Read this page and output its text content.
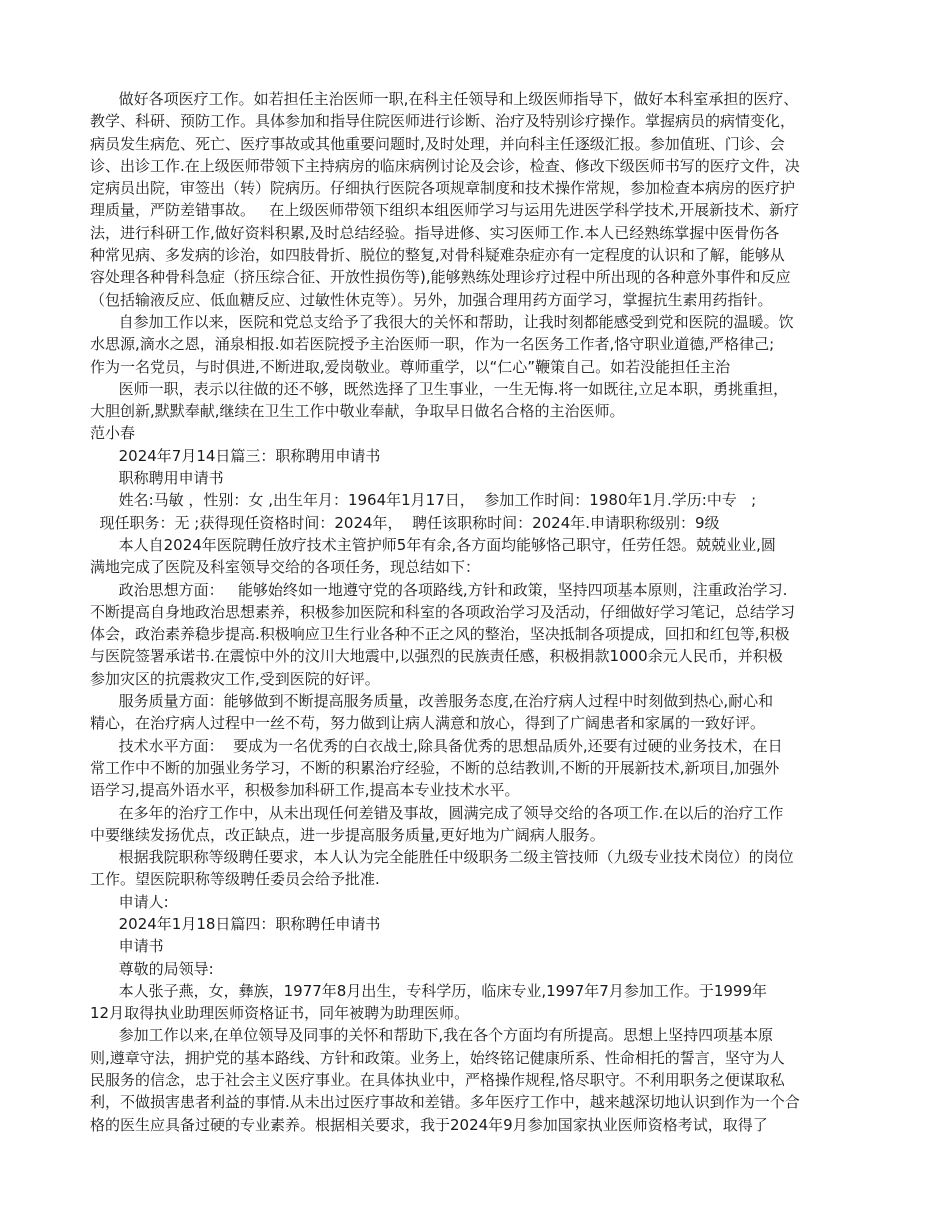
做好各项医疗工作。如若担任主治医师一职,在科主任领导和上级医师指导下，做好本科室承担的医疗、
教学、科研、预防工作。具体参加和指导住院医师进行诊断、治疗及特别诊疗操作。掌握病员的病情变化，
病员发生病危、死亡、医疗事故或其他重要问题时,及时处理，并向科主任逐级汇报。参加值班、门诊、会
诊、出诊工作.在上级医师带领下主持病房的临床病例讨论及会诊，检查、修改下级医师书写的医疗文件，决
定病员出院，审签出（转）院病历。仔细执行医院各项规章制度和技术操作常规，参加检查本病房的医疗护
理质量，严防差错事故。   在上级医师带领下组织本组医师学习与运用先进医学科学技术,开展新技术、新疗
法，进行科研工作,做好资料积累,及时总结经验。指导进修、实习医师工作.本人已经熟练掌握中医骨伤各
种常见病、多发病的诊治，如四肢骨折、脱位的整复,对骨科疑难杂症亦有一定程度的认识和了解，能够从
容处理各种骨科急症（挤压综合征、开放性损伤等),能够熟练处理诊疗过程中所出现的各种意外事件和反应
（包括输液反应、低血糖反应、过敏性休克等）。另外，加强合理用药方面学习，掌握抗生素用药指针。
自参加工作以来，医院和党总支给予了我很大的关怀和帮助，让我时刻都能感受到党和医院的温暖。饮
水思源,滴水之恩，涌泉相报.如若医院授予主治医师一职，作为一名医务工作者,恪守职业道德,严格律己;
作为一名党员，与时俱进,不断进取,爱岗敬业。尊师重学，以“仁心”鞭策自己。如若没能担任主治
医师一职，表示以往做的还不够，既然选择了卫生事业，一生无悔.将一如既往,立足本职，勇挑重担，
大胆创新,默默奉献,继续在卫生工作中敬业奉献，争取早日做名合格的主治医师。
范小春
2024年7月14日篇三：职称聘用申请书
职称聘用申请书
姓名:马敏 ，性别：女 ,出生年月：1964年1月17日，  参加工作时间：1980年1月.学历:中专   ;
现任职务：无 ;获得现任资格时间：2024年，  聘任该职称时间：2024年.申请职称级别：9级
本人自2024年医院聘任放疗技术主管护师5年有余,各方面均能够恪己职守，任劳任怨。兢兢业业,圆
满地完成了医院及科室领导交给的各项任务，现总结如下：
政治思想方面：   能够始终如一地遵守党的各项路线,方针和政策，坚持四项基本原则，注重政治学习.
不断提高自身地政治思想素养，积极参加医院和科室的各项政治学习及活动，仔细做好学习笔记，总结学习
体会，政治素养稳步提高.积极响应卫生行业各种不正之风的整治，坚决抵制各项提成，回扣和红包等,积极
与医院签署承诺书.在震惊中外的汶川大地震中,以强烈的民族责任感，积极捐款1000余元人民币，并积极
参加灾区的抗震救灾工作,受到医院的好评。
服务质量方面：能够做到不断提高服务质量，改善服务态度,在治疗病人过程中时刻做到热心,耐心和
精心，在治疗病人过程中一丝不苟，努力做到让病人满意和放心，得到了广阔患者和家属的一致好评。
技术水平方面：  要成为一名优秀的白衣战士,除具备优秀的思想品质外,还要有过硬的业务技术，在日
常工作中不断的加强业务学习，不断的积累治疗经验，不断的总结教训,不断的开展新技术,新项目,加强外
语学习,提高外语水平，积极参加科研工作,提高本专业技术水平。
在多年的治疗工作中，从未出现任何差错及事故，圆满完成了领导交给的各项工作.在以后的治疗工作
中要继续发扬优点，改正缺点，进一步提高服务质量,更好地为广阔病人服务。
根据我院职称等级聘任要求，本人认为完全能胜任中级职务二级主管技师（九级专业技术岗位）的岗位
工作。望医院职称等级聘任委员会给予批准.
申请人:
2024年1月18日篇四：职称聘任申请书
申请书
尊敬的局领导:
本人张子燕，女，彝族，1977年8月出生，专科学历，临床专业,1997年7月参加工作。于1999年
12月取得执业助理医师资格证书，同年被聘为助理医师。
参加工作以来,在单位领导及同事的关怀和帮助下,我在各个方面均有所提高。思想上坚持四项基本原
则,遵章守法，拥护党的基本路线、方针和政策。业务上，始终铭记健康所系、性命相托的誓言，坚守为人
民服务的信念，忠于社会主义医疗事业。在具体执业中，严格操作规程,恪尽职守。不利用职务之便谋取私
利，不做损害患者利益的事情.从未出过医疗事故和差错。多年医疗工作中，越来越深切地认识到作为一个合
格的医生应具备过硬的专业素养。根据相关要求，我于2024年9月参加国家执业医师资格考试，取得了
